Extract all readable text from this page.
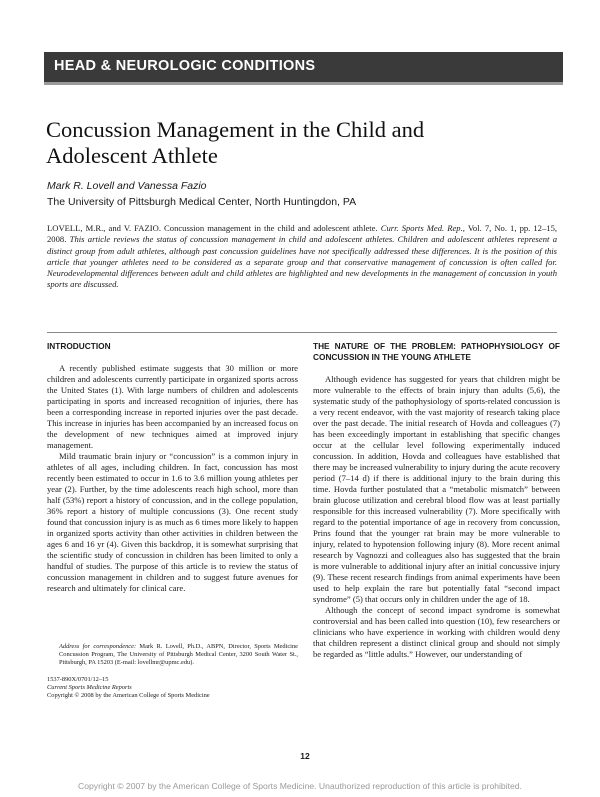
HEAD & NEUROLOGIC CONDITIONS
Concussion Management in the Child and
Adolescent Athlete
Mark R. Lovell and Vanessa Fazio
The University of Pittsburgh Medical Center, North Huntingdon, PA
LOVELL, M.R., and V. FAZIO. Concussion management in the child and adolescent athlete. Curr. Sports Med. Rep., Vol. 7, No. 1, pp. 12–15, 2008. This article reviews the status of concussion management in child and adolescent athletes. Children and adolescent athletes represent a distinct group from adult athletes, although past concussion guidelines have not specifically addressed these differences. It is the position of this article that younger athletes need to be considered as a separate group and that conservative management of concussion is often called for. Neurodevelopmental differences between adult and child athletes are highlighted and new developments in the management of concussion in youth sports are discussed.
INTRODUCTION

A recently published estimate suggests that 30 million or more children and adolescents currently participate in organized sports across the United States (1). With large numbers of children and adolescents participating in sports and increased recognition of injuries, there has been a corresponding increase in reported injuries over the past decade. This increase in injuries has been accompanied by an increased focus on the development of new techniques aimed at improved injury management.

Mild traumatic brain injury or “concussion” is a common injury in athletes of all ages, including children. In fact, concussion has most recently been estimated to occur in 1.6 to 3.6 million young athletes per year (2). Further, by the time adolescents reach high school, more than half (53%) report a history of concussion, and in the college population, 36% report a history of multiple concussions (3). One recent study found that concussion injury is as much as 6 times more likely to happen in organized sports activity than other activities in children between the ages 6 and 16 yr (4). Given this backdrop, it is somewhat surprising that the scientific study of concussion in children has been limited to only a handful of studies. The purpose of this article is to review the status of concussion management in children and to suggest future avenues for research and ultimately for clinical care.

Address for correspondence: Mark R. Lovell, Ph.D., ABPN, Director, Sports Medicine Concussion Program, The University of Pittsburgh Medical Center, 3200 South Water St., Pittsburgh, PA 15203 (E-mail: lovellmr@upmc.edu).
1537-890X/0701/12–15
Current Sports Medicine Reports
Copyright © 2008 by the American College of Sports Medicine
THE NATURE OF THE PROBLEM: PATHOPHYSIOLOGY OF CONCUSSION IN THE YOUNG ATHLETE

Although evidence has suggested for years that children might be more vulnerable to the effects of brain injury than adults (5,6), the systematic study of the pathophysiology of sports-related concussion is a very recent endeavor, with the vast majority of research taking place over the past decade. The initial research of Hovda and colleagues (7) has been exceedingly important in establishing that specific changes occur at the cellular level following experimentally induced concussion. In addition, Hovda and colleagues have established that there may be increased vulnerability to injury during the acute recovery period (7–14 d) if there is additional injury to the brain during this time. Hovda further postulated that a “metabolic mismatch” between brain glucose utilization and cerebral blood flow was at least partially responsible for this increased vulnerability (7). More specifically with regard to the potential importance of age in recovery from concussion, Prins found that the younger rat brain may be more vulnerable to injury, related to hypotension following injury (8). More recent animal research by Vagnozzi and colleagues also has suggested that the brain is more vulnerable to additional injury after an initial concussive injury (9). These recent research findings from animal experiments have been used to help explain the rare but potentially fatal “second impact syndrome” (5) that occurs only in children under the age of 18.

Although the concept of second impact syndrome is somewhat controversial and has been called into question (10), few researchers or clinicians who have experience in working with children would deny that children represent a distinct clinical group and should not simply be regarded as “little adults.” However, our understanding of

12
Copyright © 2007 by the American College of Sports Medicine. Unauthorized reproduction of this article is prohibited.
